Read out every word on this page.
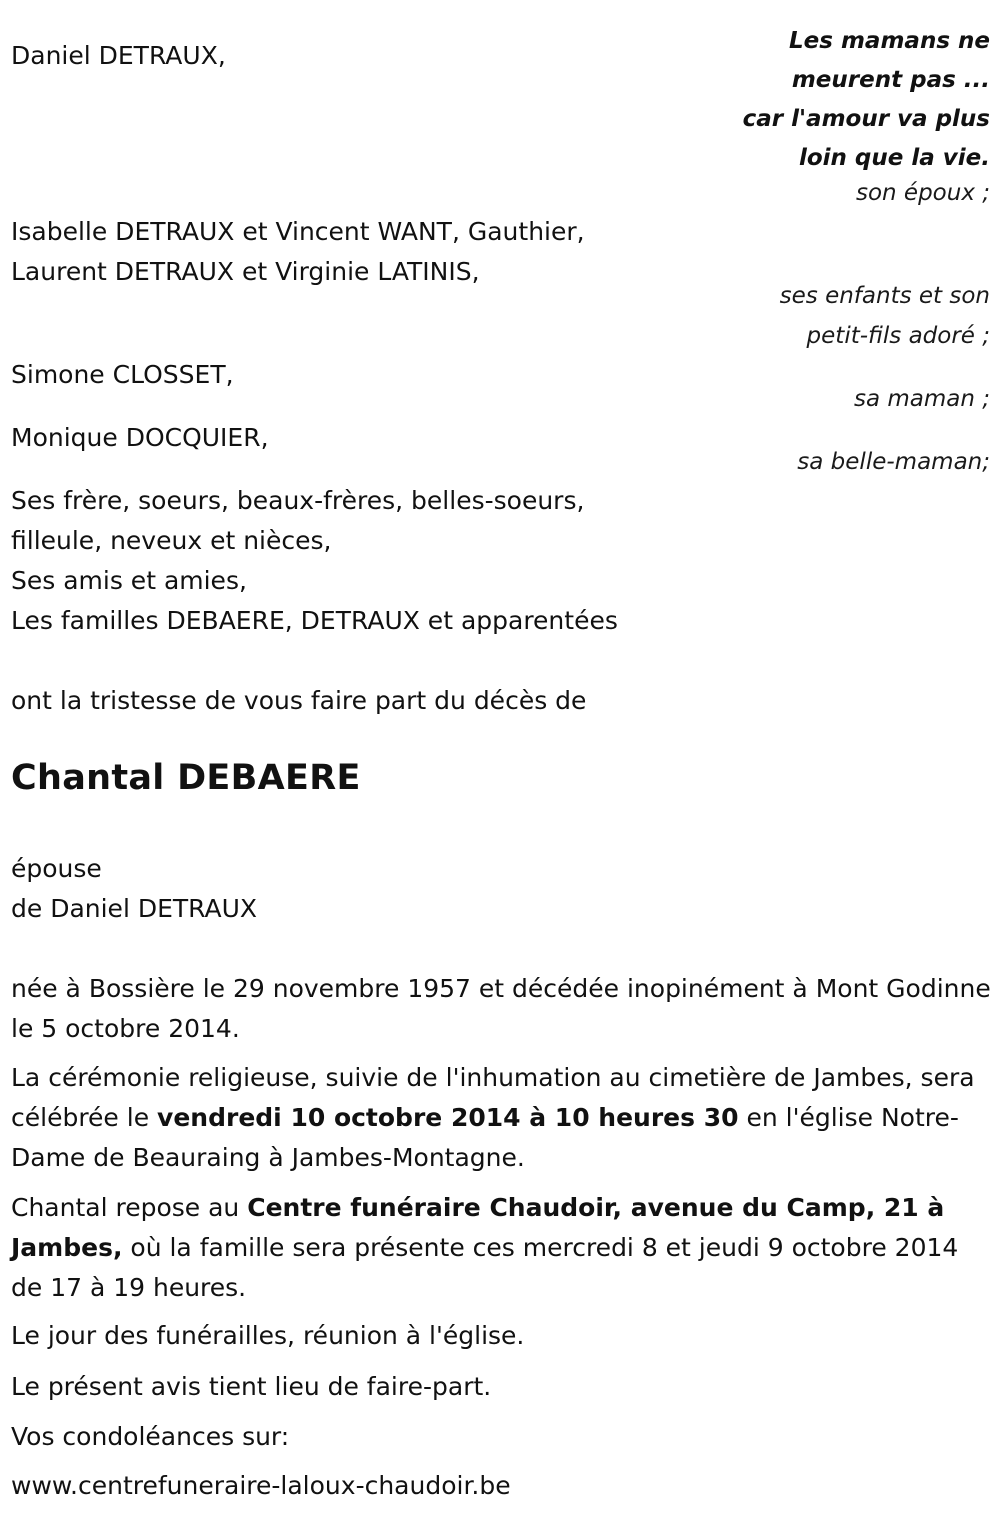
Les mamans ne
meurent pas ...
car l'amour va plus
loin que la vie.
Daniel DETRAUX,
son époux ;
Isabelle DETRAUX et Vincent WANT, Gauthier,
Laurent DETRAUX et Virginie LATINIS,
ses enfants et son
petit-fils adoré ;
Simone CLOSSET,
sa maman ;
Monique DOCQUIER,
sa belle-maman;
Ses frère, soeurs, beaux-frères, belles-soeurs,
filleule, neveux et nièces,
Ses amis et amies,
Les familles DEBAERE, DETRAUX et apparentées
ont la tristesse de vous faire part du décès de
Chantal DEBAERE
épouse
de Daniel DETRAUX
née à Bossière le 29 novembre 1957 et décédée inopinément à Mont Godinne le 5 octobre 2014.
La cérémonie religieuse, suivie de l'inhumation au cimetière de Jambes, sera célébrée le vendredi 10 octobre 2014 à 10 heures 30 en l'église Notre-Dame de Beauraing à Jambes-Montagne.
Chantal repose au Centre funéraire Chaudoir, avenue du Camp, 21 à Jambes, où la famille sera présente ces mercredi 8 et jeudi 9 octobre 2014 de 17 à 19 heures.
Le jour des funérailles, réunion à l'église.
Le présent avis tient lieu de faire-part.
Vos condoléances sur:
www.centrefuneraire-laloux-chaudoir.be
